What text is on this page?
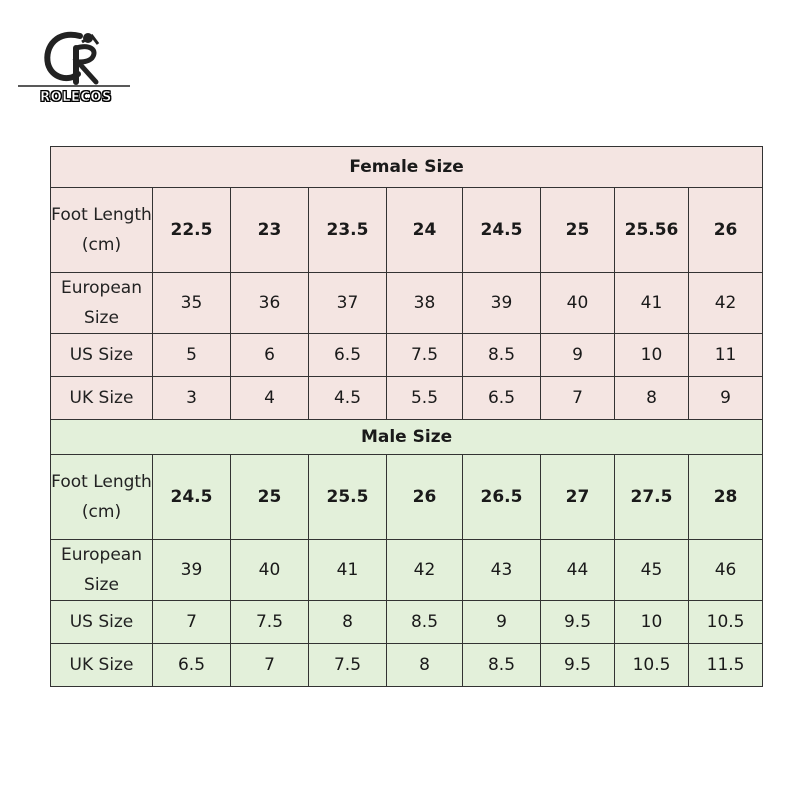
ROLECOS
Female Size								
Foot Length (cm)	22.5	23	23.5	24	24.5	25	25.56	26
European Size	35	36	37	38	39	40	41	42
US Size	5	6	6.5	7.5	8.5	9	10	11
UK Size	3	4	4.5	5.5	6.5	7	8	9
Male Size								
Foot Length (cm)	24.5	25	25.5	26	26.5	27	27.5	28
European Size	39	40	41	42	43	44	45	46
US Size	7	7.5	8	8.5	9	9.5	10	10.5
UK Size	6.5	7	7.5	8	8.5	9.5	10.5	11.5
